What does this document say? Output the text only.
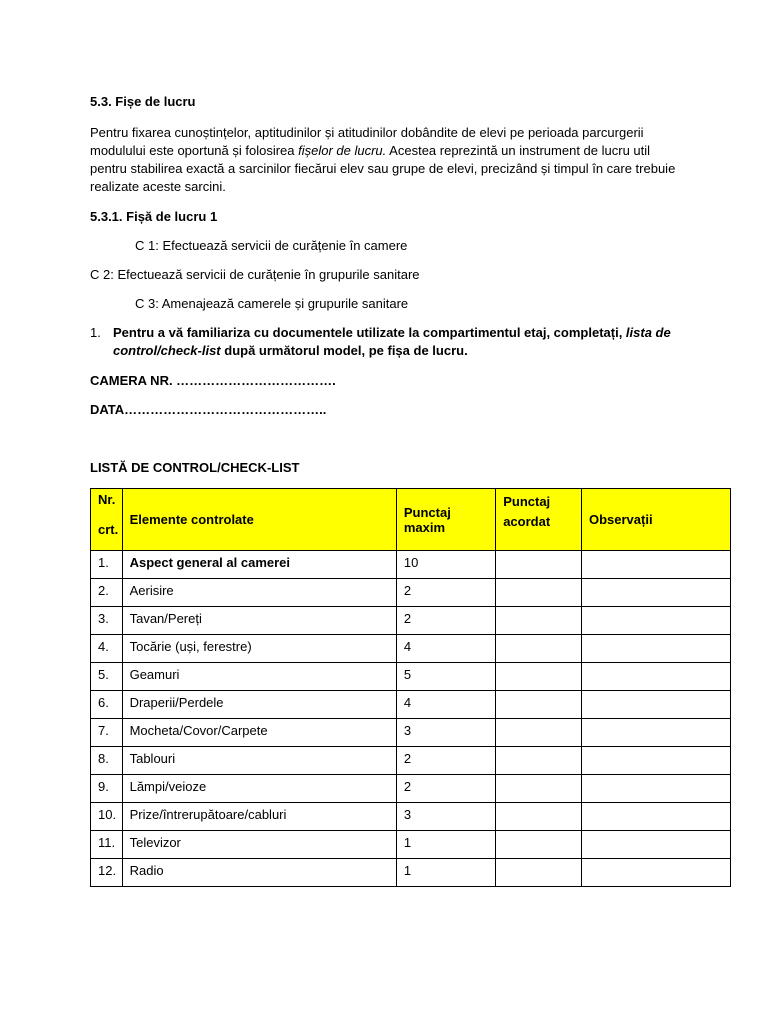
5.3. Fișe de lucru

Pentru fixarea cunoștințelor, aptitudinilor și atitudinilor dobândite de elevi pe perioada parcurgerii modulului este oportună și folosirea fișelor de lucru. Acestea reprezintă un instrument de lucru util pentru stabilirea exactă a sarcinilor fiecărui elev sau grupe de elevi, precizând și timpul în care trebuie realizate aceste sarcini.

5.3.1. Fișă de lucru 1

C 1: Efectuează servicii de curățenie în camere

C 2: Efectuează servicii de curățenie în grupurile sanitare

C 3: Amenajează camerele și grupurile sanitare

1. Pentru a vă familiariza cu documentele utilizate la compartimentul etaj, completați, lista de control/check-list după următorul model, pe fișa de lucru.

CAMERA NR. ……………………………….

DATA………………………………………..

LISTĂ DE CONTROL/CHECK-LIST

Nr.

crt.	Elemente controlate	Punctaj maxim	Punctaj acordat	Observații
1.	Aspect general al camerei	10		
2.	Aerisire	2		
3.	Tavan/Pereți	2		
4.	Tocărie (uși, ferestre)	4		
5.	Geamuri	5		
6.	Draperii/Perdele	4		
7.	Mocheta/Covor/Carpete	3		
8.	Tablouri	2		
9.	Lămpi/veioze	2		
10.	Prize/întrerupătoare/cabluri	3		
11.	Televizor	1		
12.	Radio	1		
